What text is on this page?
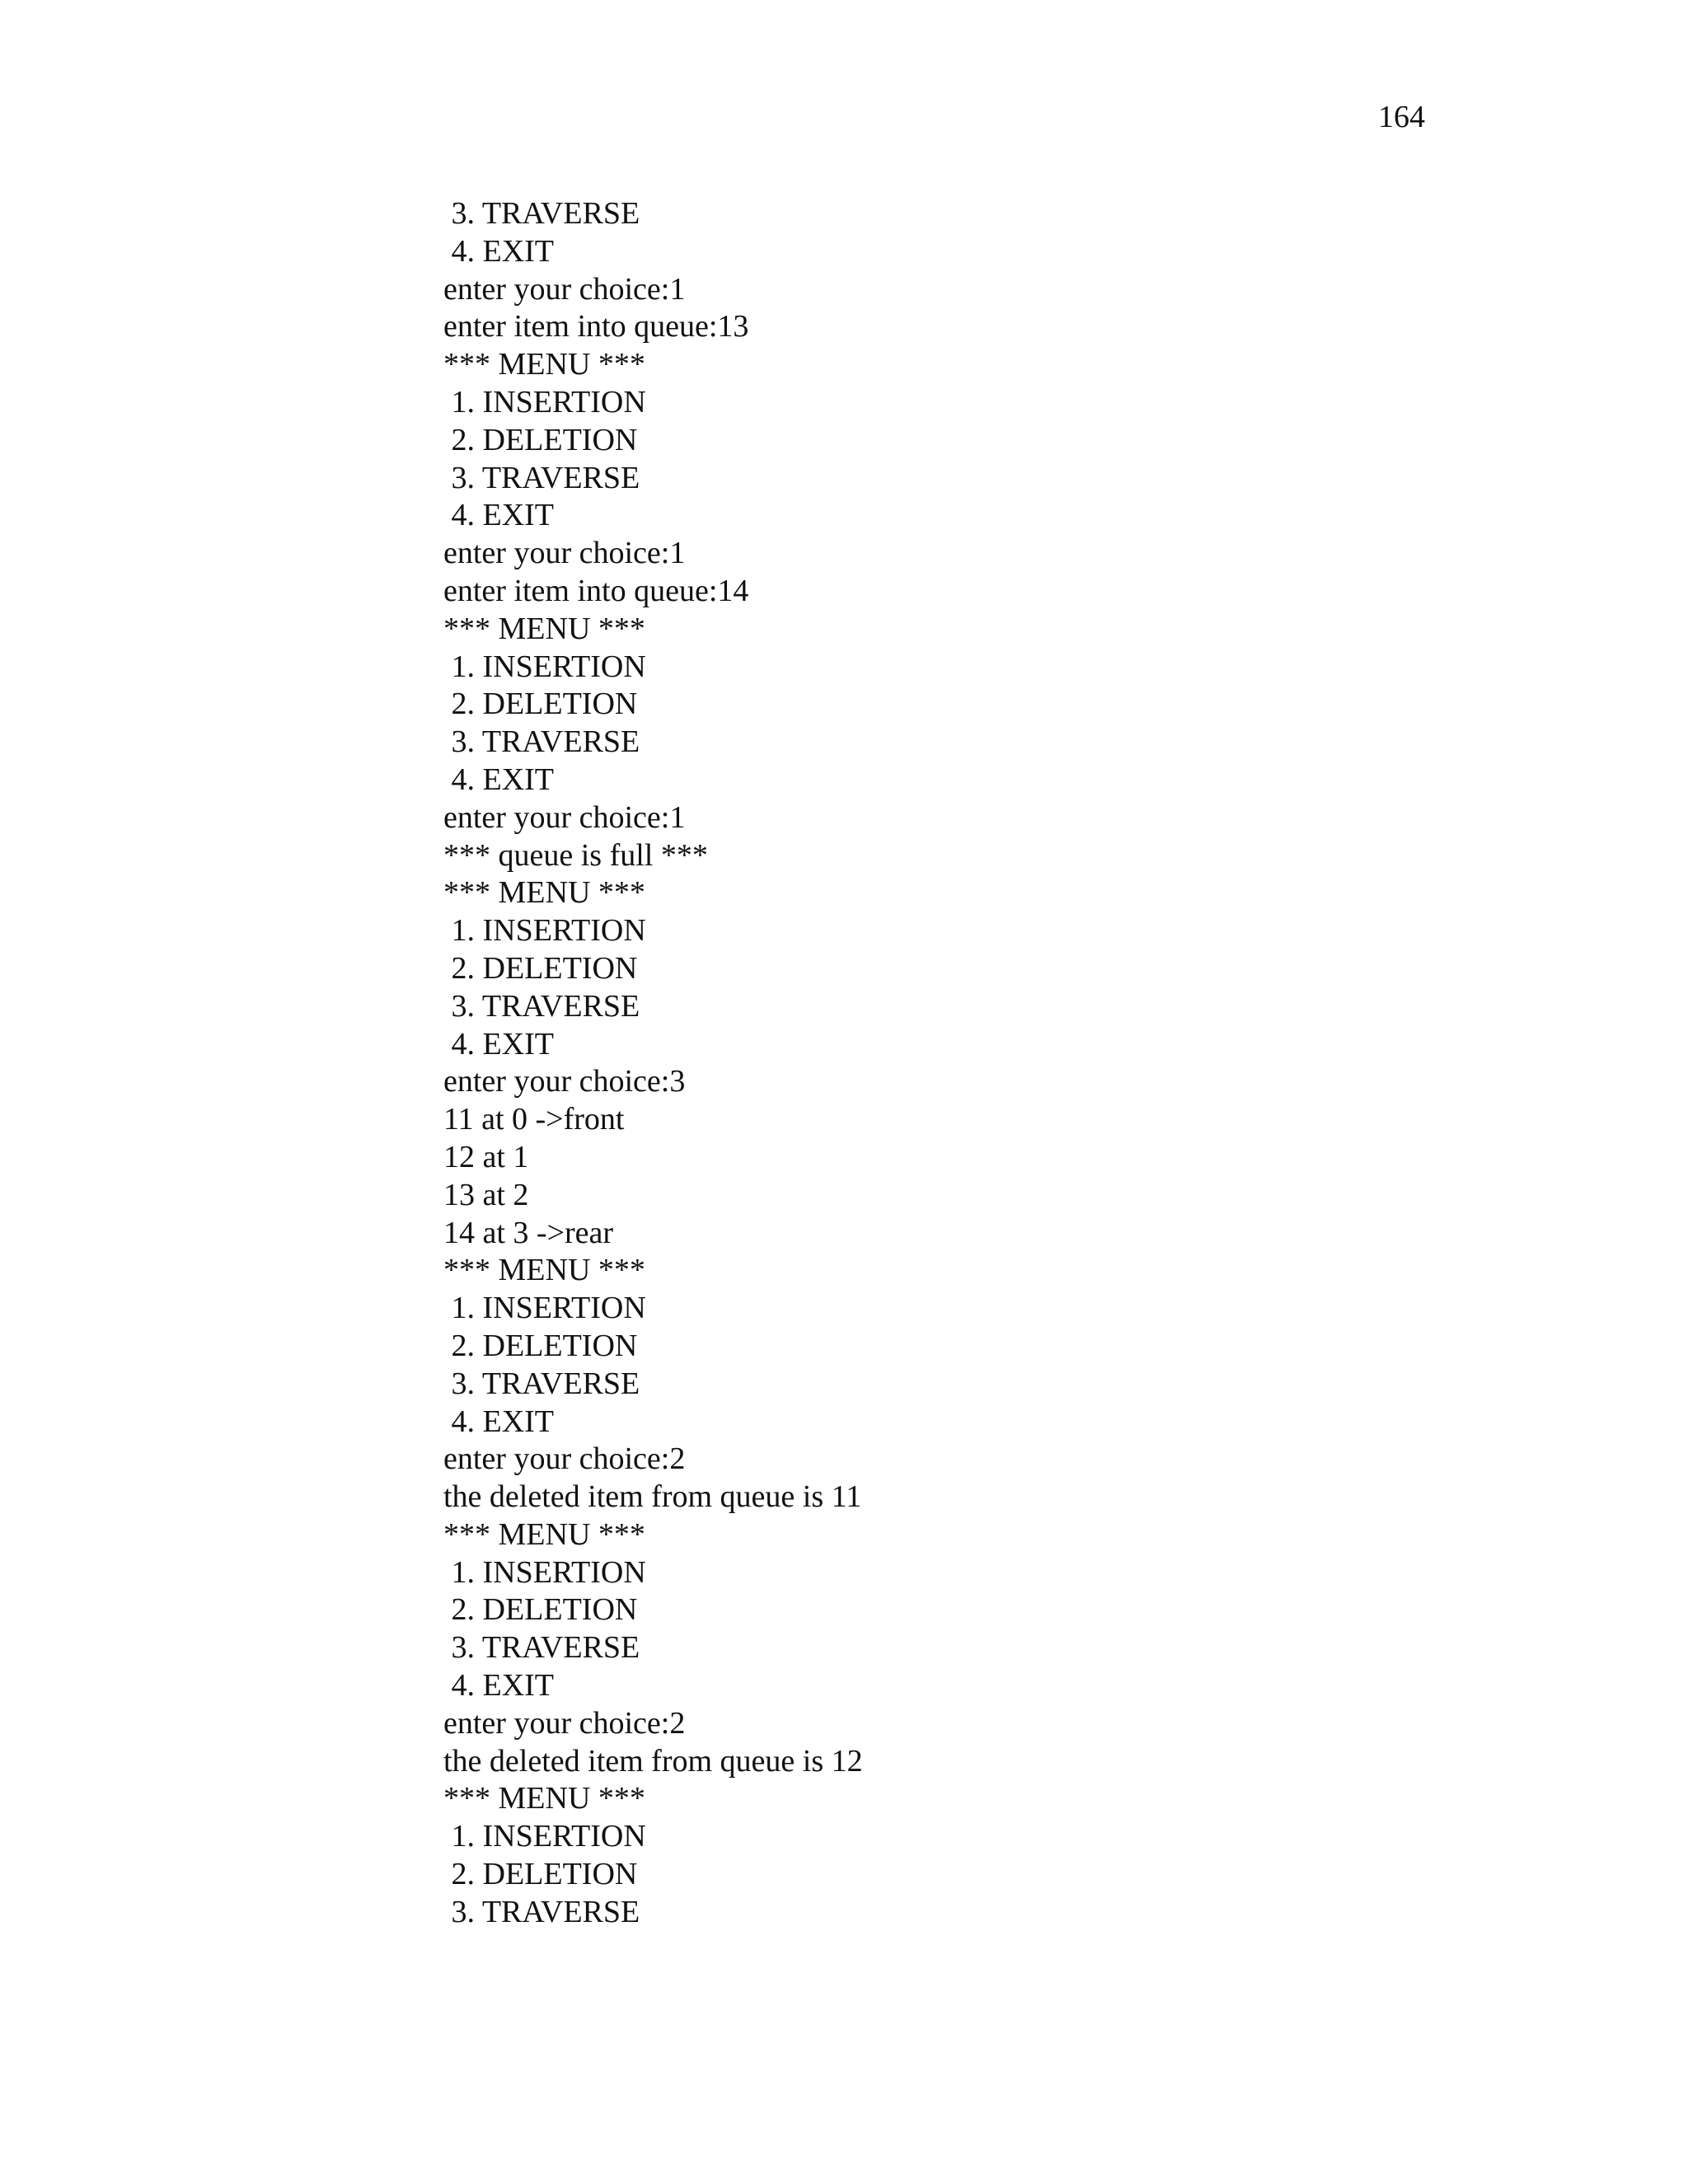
164
3. TRAVERSE
4. EXIT
enter your choice:1
enter item into queue:13
*** MENU ***
1. INSERTION
2. DELETION
3. TRAVERSE
4. EXIT
enter your choice:1
enter item into queue:14
*** MENU ***
1. INSERTION
2. DELETION
3. TRAVERSE
4. EXIT
enter your choice:1
*** queue is full ***
*** MENU ***
1. INSERTION
2. DELETION
3. TRAVERSE
4. EXIT
enter your choice:3
11 at 0 ->front
12 at 1
13 at 2
14 at 3 ->rear
*** MENU ***
1. INSERTION
2. DELETION
3. TRAVERSE
4. EXIT
enter your choice:2
the deleted item from queue is 11
*** MENU ***
1. INSERTION
2. DELETION
3. TRAVERSE
4. EXIT
enter your choice:2
the deleted item from queue is 12
*** MENU ***
1. INSERTION
2. DELETION
3. TRAVERSE
